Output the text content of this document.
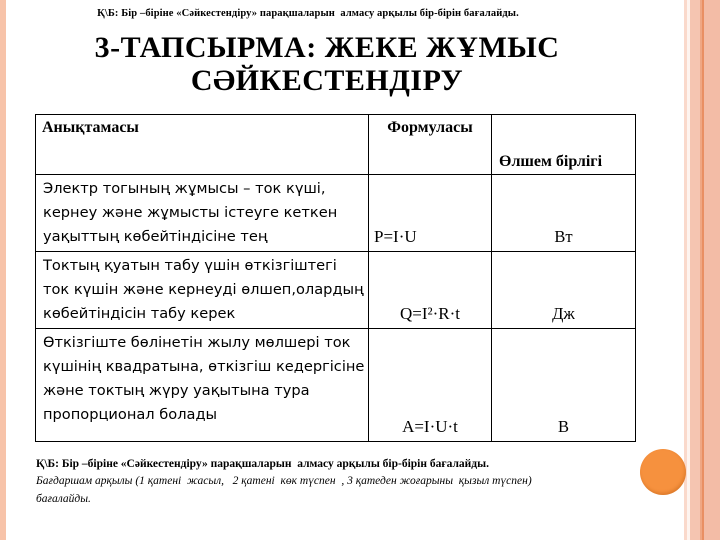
Қ\Б: Бір –біріне «Сәйкестендіру» парақшаларын  алмасу арқылы бір-бірін бағалайды.
3-ТАПСЫРМА: ЖЕКЕ ЖҰМЫС
СӘЙКЕСТЕНДІРУ
Анықтамасы	Формуласы	Өлшем бірлігі
Электр тогының жұмысы – ток күші, кернеу және жұмысты істеуге кеткен уақыттың көбейтіндісіне тең	P=I·U	Вт
Токтың қуатын табу үшін өткізгіштегі ток күшін және кернеуді өлшеп,олардың көбейтіндісін табу керек	Q=I²·R·t	Дж
Өткізгіште бөлінетін жылу мөлшері ток күшінің квадратына, өткізгіш кедергісіне және токтың жүру уақытына тура пропорционал болады	A=I·U·t	В
Қ\Б: Бір –біріне «Сәйкестендіру» парақшаларын  алмасу арқылы бір-бірін бағалайды.
Бағдаршам арқылы (1 қатені  жасыл,   2 қатені  көк түспен  , 3 қатеден жоғарыны  қызыл түспен)
бағалайды.
